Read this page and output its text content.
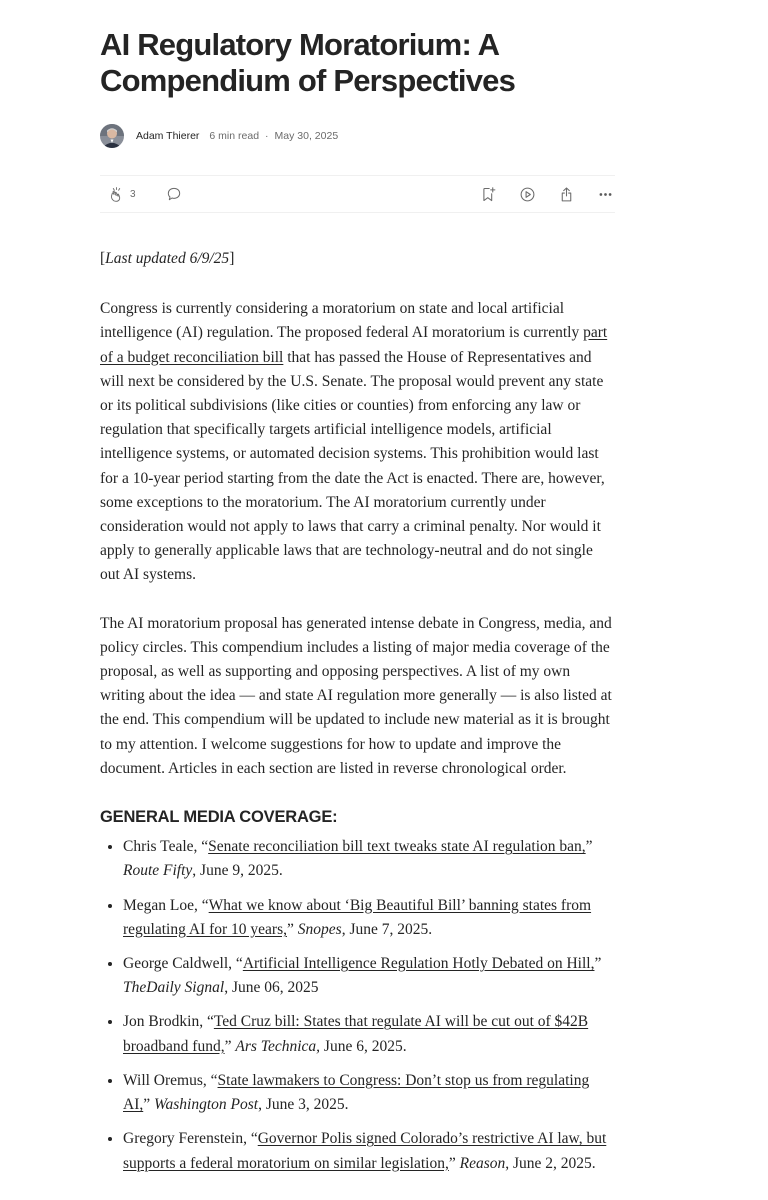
AI Regulatory Moratorium: A Compendium of Perspectives
Adam Thierer 6 min read · May 30, 2025
3

[Last updated 6/9/25]

Congress is currently considering a moratorium on state and local artificial intelligence (AI) regulation. The proposed federal AI moratorium is currently part of a budget reconciliation bill that has passed the House of Representatives and will next be considered by the U.S. Senate. The proposal would prevent any state or its political subdivisions (like cities or counties) from enforcing any law or regulation that specifically targets artificial intelligence models, artificial intelligence systems, or automated decision systems. This prohibition would last for a 10-year period starting from the date the Act is enacted. There are, however, some exceptions to the moratorium. The AI moratorium currently under consideration would not apply to laws that carry a criminal penalty. Nor would it apply to generally applicable laws that are technology-neutral and do not single out AI systems.

The AI moratorium proposal has generated intense debate in Congress, media, and policy circles. This compendium includes a listing of major media coverage of the proposal, as well as supporting and opposing perspectives. A list of my own writing about the idea — and state AI regulation more generally — is also listed at the end. This compendium will be updated to include new material as it is brought to my attention. I welcome suggestions for how to update and improve the document. Articles in each section are listed in reverse chronological order.

GENERAL MEDIA COVERAGE:
• Chris Teale, “Senate reconciliation bill text tweaks state AI regulation ban,” Route Fifty, June 9, 2025.
• Megan Loe, “What we know about ‘Big Beautiful Bill’ banning states from regulating AI for 10 years,” Snopes, June 7, 2025.
• George Caldwell, “Artificial Intelligence Regulation Hotly Debated on Hill,” TheDaily Signal, June 06, 2025
• Jon Brodkin, “Ted Cruz bill: States that regulate AI will be cut out of $42B broadband fund,” Ars Technica, June 6, 2025.
• Will Oremus, “State lawmakers to Congress: Don’t stop us from regulating AI,” Washington Post, June 3, 2025.
• Gregory Ferenstein, “Governor Polis signed Colorado’s restrictive AI law, but supports a federal moratorium on similar legislation,” Reason, June 2, 2025.
